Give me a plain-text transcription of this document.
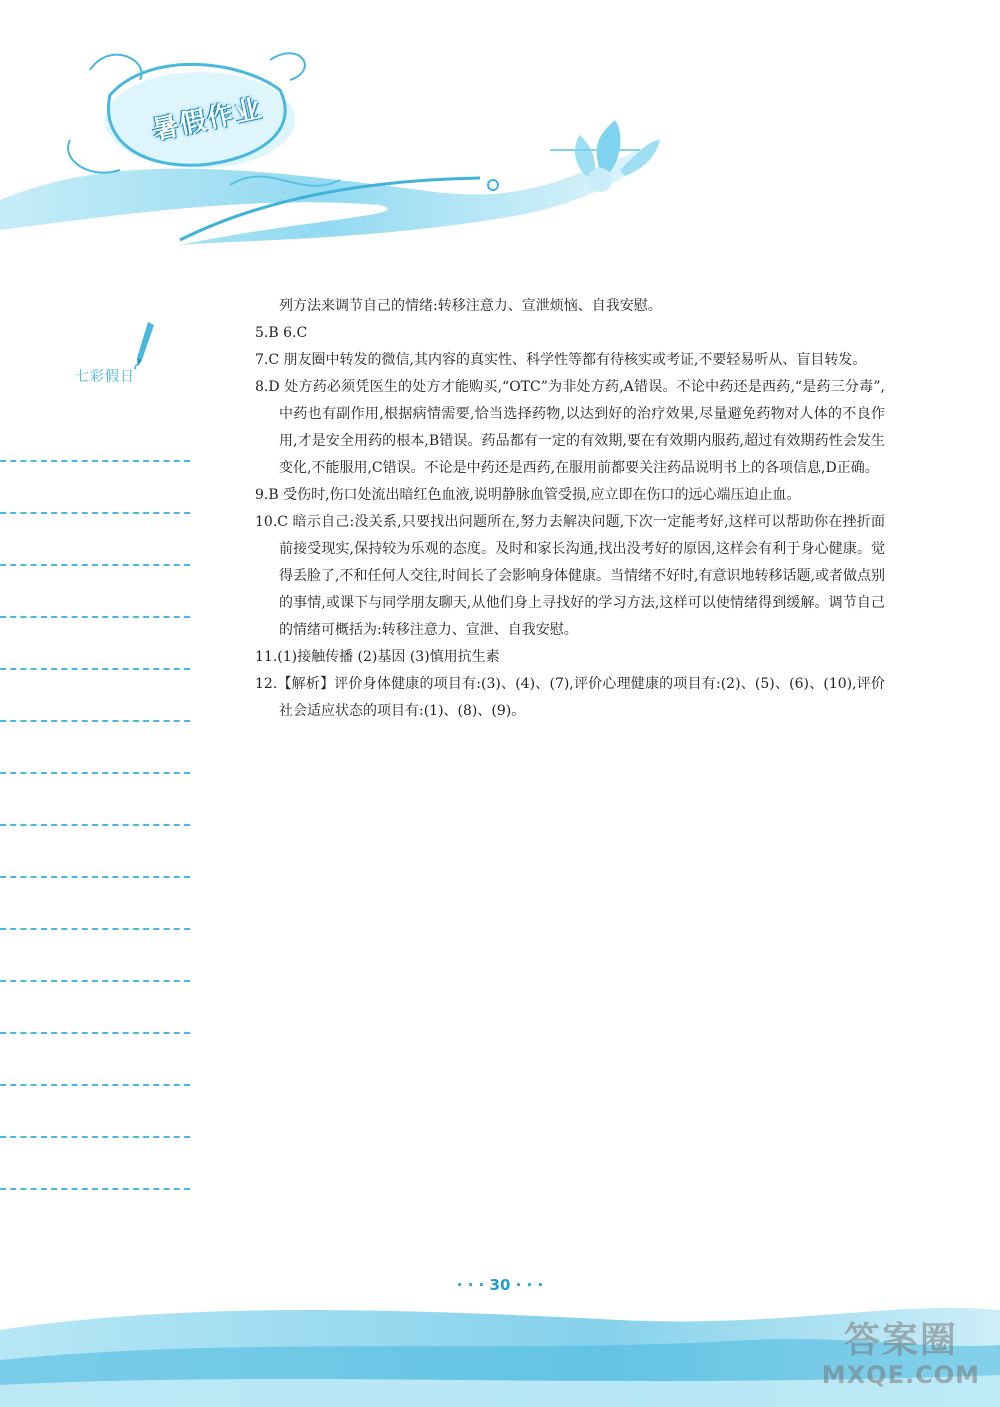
暑假作业
七彩假日

列方法来调节自己的情绪:转移注意力、宣泄烦恼、自我安慰。

5.B 6.C

7.C 朋友圈中转发的微信,其内容的真实性、科学性等都有待核实或考证,不要轻易听从、盲目转发。

8.D 处方药必须凭医生的处方才能购买,“OTC”为非处方药,A错误。不论中药还是西药,“是药三分毒”,中药也有副作用,根据病情需要,恰当选择药物,以达到好的治疗效果,尽量避免药物对人体的不良作用,才是安全用药的根本,B错误。药品都有一定的有效期,要在有效期内服药,超过有效期药性会发生变化,不能服用,C错误。不论是中药还是西药,在服用前都要关注药品说明书上的各项信息,D正确。

9.B 受伤时,伤口处流出暗红色血液,说明静脉血管受损,应立即在伤口的远心端压迫止血。

10.C 暗示自己:没关系,只要找出问题所在,努力去解决问题,下次一定能考好,这样可以帮助你在挫折面前接受现实,保持较为乐观的态度。及时和家长沟通,找出没考好的原因,这样会有利于身心健康。觉得丢脸了,不和任何人交往,时间长了会影响身体健康。当情绪不好时,有意识地转移话题,或者做点别的事情,或课下与同学朋友聊天,从他们身上寻找好的学习方法,这样可以使情绪得到缓解。调节自己的情绪可概括为:转移注意力、宣泄、自我安慰。

11.(1)接触传播 (2)基因 (3)慎用抗生素

12.【解析】评价身体健康的项目有:(3)、(4)、(7),评价心理健康的项目有:(2)、(5)、(6)、(10),评价社会适应状态的项目有:(1)、(8)、(9)。

· · · 30 · · ·
答案圈
MXQE.COM
